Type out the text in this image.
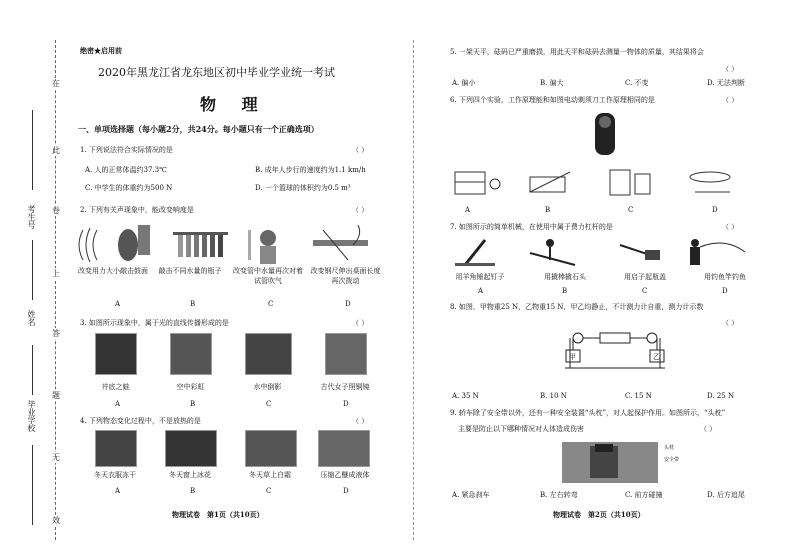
在
此
卷
上
答
题
无
效
考生号
姓名
毕业学校
绝密★启用前
2020年黑龙江省龙东地区初中毕业学业统一考试
物 理
一、单项选择题（每小题2分，共24分。每小题只有一个正确选项）
1. 下列说法符合实际情况的是	（ ）
A. 人的正常体温约37.3℃	B. 成年人步行的速度约为1.1 km/h
C. 中学生的体重约为500 N	D. 一个篮球的体积约为0.5 m³
2. 下列有关声现象中，能改变响度是	（ ）
改变用力大小敲击鼓面	敲击不同水量的瓶子	改变管中水量再次对着试管吹气
改变钢尺伸出桌面长度再次拨动
A	B	C	D
3. 如图所示现象中，属于光的直线传播形成的是	（ ）
井底之蛙	空中彩虹	水中倒影	古代女子照铜镜
A	B	C	D
4. 下列物态变化过程中，不是放热的是	（ ）
冬天衣服冻干	冬天窗上冰花	冬天草上白霜	压缩乙醚成液体
A	B	C	D
物理试卷　第1页（共10页）
5. 一架天平，砝码已严重磨损，用此天平和砝码去测量一物体的质量，其结果将会
（ ）
A. 偏小	B. 偏大	C. 不变	D. 无法判断
6. 下列四个实验，工作原理能和如图电动剃须刀工作原理相同的是	（ ）
A	B	C	D
7. 如图所示的简单机械，在使用中属于费力杠杆的是	（ ）
用羊角锤起钉子	用撬棒撬石头	用启子起瓶盖	用钓鱼竿钓鱼
A	B	C	D
8. 如图，甲物重25 N，乙物重15 N，甲乙均静止，不计测力计自重，测力计示数
（ ）
甲	乙
A. 35 N	B. 10 N	C. 15 N	D. 25 N
9. 轿车除了安全带以外，还有一种安全装置“头枕”，对人起保护作用。如图所示，“头枕”
主要是防止以下哪种情况对人体造成伤害	（ ）
头枕
安全带
A. 紧急刹车	B. 左右转弯	C. 前方碰撞	D. 后方追尾
物理试卷　第2页（共10页）
